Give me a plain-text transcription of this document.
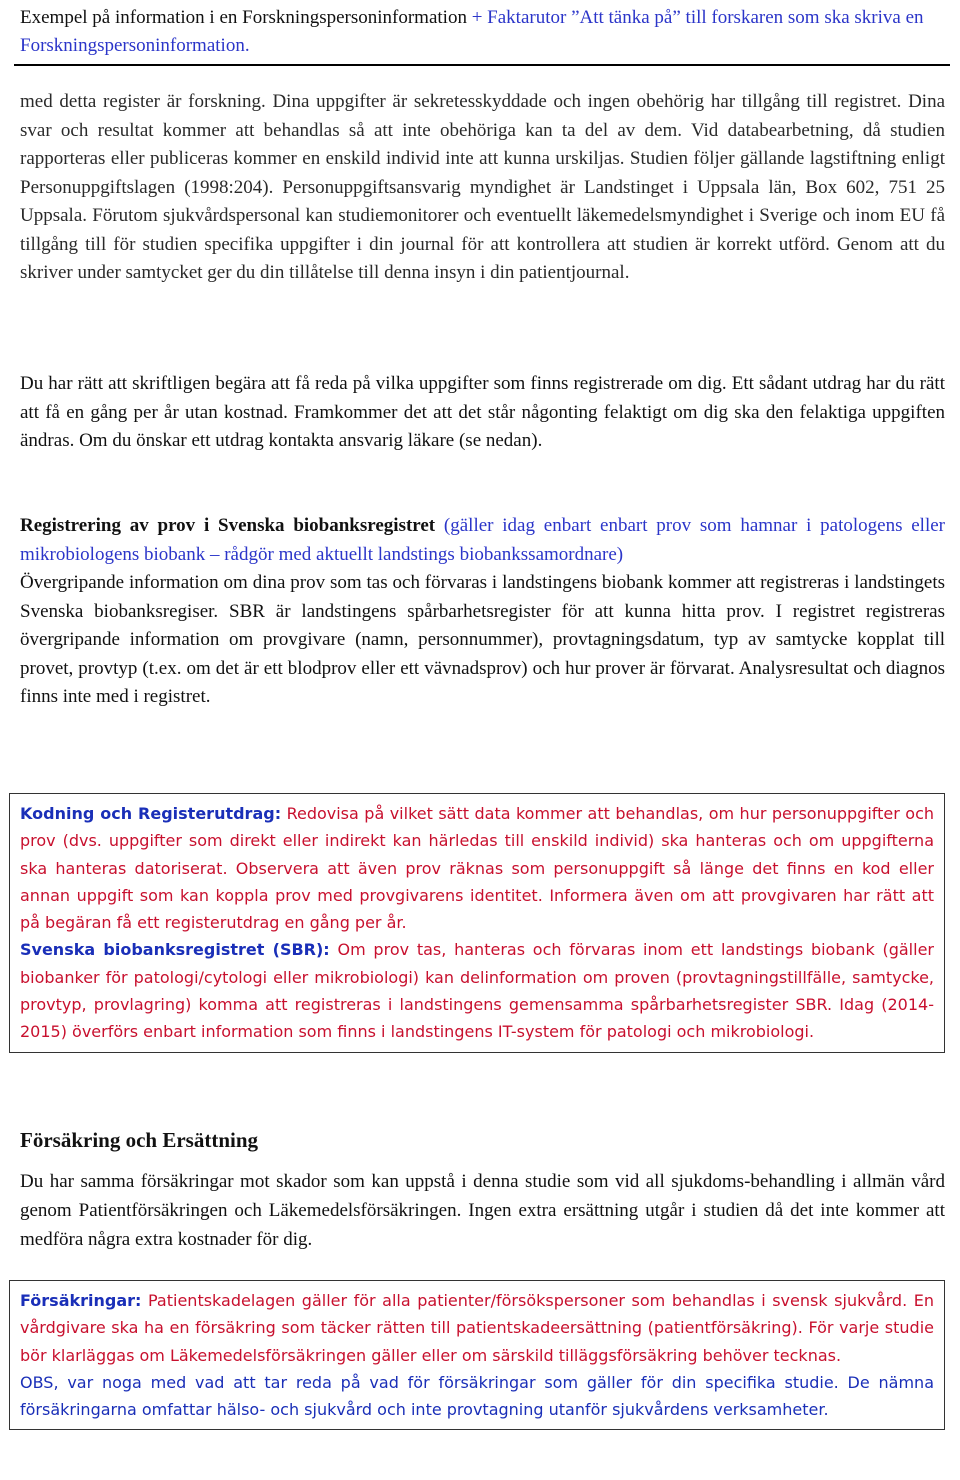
Exempel på information i en Forskningspersoninformation + Faktarutor ”Att tänka på” till forskaren som ska skriva en Forskningspersoninformation.
med detta register är forskning. Dina uppgifter är sekretesskyddade och ingen obehörig har tillgång till registret. Dina svar och resultat kommer att behandlas så att inte obehöriga kan ta del av dem. Vid databearbetning, då studien rapporteras eller publiceras kommer en enskild individ inte att kunna urskiljas. Studien följer gällande lagstiftning enligt Personuppgiftslagen (1998:204). Personuppgiftsansvarig myndighet är Landstinget i Uppsala län, Box 602, 751 25 Uppsala. Förutom sjukvårdspersonal kan studiemonitorer och eventuellt läkemedelsmyndighet i Sverige och inom EU få tillgång till för studien specifika uppgifter i din journal för att kontrollera att studien är korrekt utförd. Genom att du skriver under samtycket ger du din tillåtelse till denna insyn i din patientjournal.
Du har rätt att skriftligen begära att få reda på vilka uppgifter som finns registrerade om dig. Ett sådant utdrag har du rätt att få en gång per år utan kostnad. Framkommer det att det står någonting felaktigt om dig ska den felaktiga uppgiften ändras. Om du önskar ett utdrag kontakta ansvarig läkare (se nedan).
Registrering av prov i Svenska biobanksregistret (gäller idag enbart enbart prov som hamnar i patologens eller mikrobiologens biobank – rådgör med aktuellt landstings biobankssamordnare)
Övergripande information om dina prov som tas och förvaras i landstingens biobank kommer att registreras i landstingets Svenska biobanksregiser. SBR är landstingens spårbarhetsregister för att kunna hitta prov. I registret registreras övergripande information om provgivare (namn, personnummer), provtagningsdatum, typ av samtycke kopplat till provet, provtyp (t.ex. om det är ett blodprov eller ett vävnadsprov) och hur prover är förvarat. Analysresultat och diagnos finns inte med i registret.
Kodning och Registerutdrag: Redovisa på vilket sätt data kommer att behandlas, om hur personuppgifter och prov (dvs. uppgifter som direkt eller indirekt kan härledas till enskild individ) ska hanteras och om uppgifterna ska hanteras datoriserat. Observera att även prov räknas som personuppgift så länge det finns en kod eller annan uppgift som kan koppla prov med provgivarens identitet. Informera även om att provgivaren har rätt att på begäran få ett registerutdrag en gång per år.
Svenska biobanksregistret (SBR): Om prov tas, hanteras och förvaras inom ett landstings biobank (gäller biobanker för patologi/cytologi eller mikrobiologi) kan delinformation om proven (provtagningstillfälle, samtycke, provtyp, provlagring) komma att registreras i landstingens gemensamma spårbarhetsregister SBR. Idag (2014-2015) överförs enbart information som finns i landstingens IT-system för patologi och mikrobiologi.
Försäkring och Ersättning
Du har samma försäkringar mot skador som kan uppstå i denna studie som vid all sjukdoms-behandling i allmän vård genom Patientförsäkringen och Läkemedelsförsäkringen. Ingen extra ersättning utgår i studien då det inte kommer att medföra några extra kostnader för dig.
Försäkringar: Patientskadelagen gäller för alla patienter/försökspersoner som behandlas i svensk sjukvård. En vårdgivare ska ha en försäkring som täcker rätten till patientskadeersättning (patientförsäkring). För varje studie bör klarläggas om Läkemedelsförsäkringen gäller eller om särskild tilläggsförsäkring behöver tecknas.
OBS, var noga med vad att tar reda på vad för försäkringar som gäller för din specifika studie. De nämna försäkringarna omfattar hälso- och sjukvård och inte provtagning utanför sjukvårdens verksamheter.
